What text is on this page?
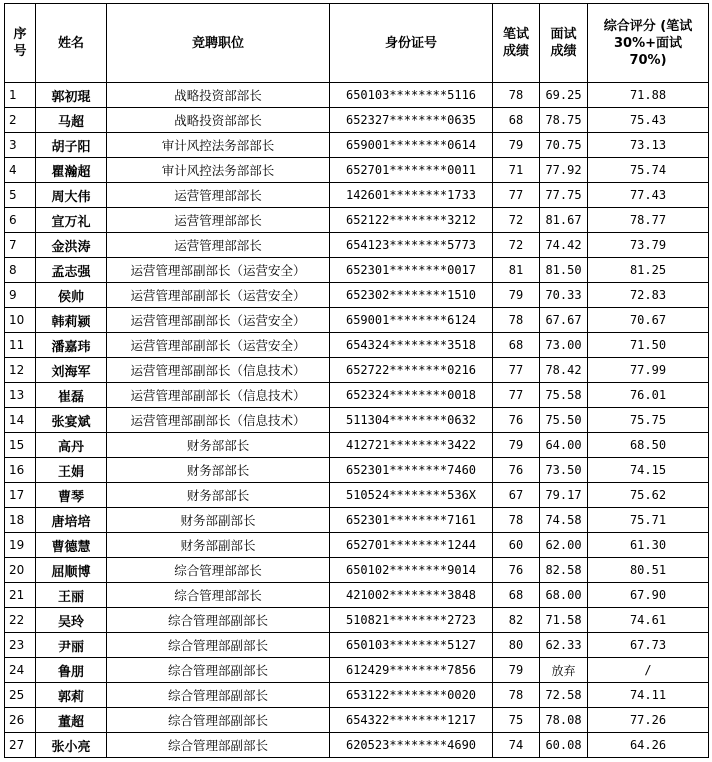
序号	姓名	竞聘职位	身份证号	笔试成绩	面试成绩	综合评分 (笔试 30%+面试 70%)
1	郭初琨	战略投资部部长	650103********5116	78	69.25	71.88
2	马超	战略投资部部长	652327********0635	68	78.75	75.43
3	胡子阳	审计风控法务部部长	659001********0614	79	70.75	73.13
4	瞿瀚超	审计风控法务部部长	652701********0011	71	77.92	75.74
5	周大伟	运营管理部部长	142601********1733	77	77.75	77.43
6	宣万礼	运营管理部部长	652122********3212	72	81.67	78.77
7	金洪涛	运营管理部部长	654123********5773	72	74.42	73.79
8	孟志强	运营管理部副部长（运营安全）	652301********0017	81	81.50	81.25
9	侯帅	运营管理部副部长（运营安全）	652302********1510	79	70.33	72.83
10	韩莉颍	运营管理部副部长（运营安全）	659001********6124	78	67.67	70.67
11	潘嘉玮	运营管理部副部长（运营安全）	654324********3518	68	73.00	71.50
12	刘海军	运营管理部副部长（信息技术）	652722********0216	77	78.42	77.99
13	崔磊	运营管理部副部长（信息技术）	652324********0018	77	75.58	76.01
14	张宴斌	运营管理部副部长（信息技术）	511304********0632	76	75.50	75.75
15	高丹	财务部部长	412721********3422	79	64.00	68.50
16	王娟	财务部部长	652301********7460	76	73.50	74.15
17	曹琴	财务部部长	510524********536X	67	79.17	75.62
18	唐培培	财务部副部长	652301********7161	78	74.58	75.71
19	曹德慧	财务部副部长	652701********1244	60	62.00	61.30
20	屈顺博	综合管理部部长	650102********9014	76	82.58	80.51
21	王丽	综合管理部部长	421002********3848	68	68.00	67.90
22	吴玲	综合管理部副部长	510821********2723	82	71.58	74.61
23	尹丽	综合管理部副部长	650103********5127	80	62.33	67.73
24	鲁朋	综合管理部副部长	612429********7856	79	放弃	/
25	郭莉	综合管理部副部长	653122********0020	78	72.58	74.11
26	董超	综合管理部副部长	654322********1217	75	78.08	77.26
27	张小亮	综合管理部副部长	620523********4690	74	60.08	64.26
